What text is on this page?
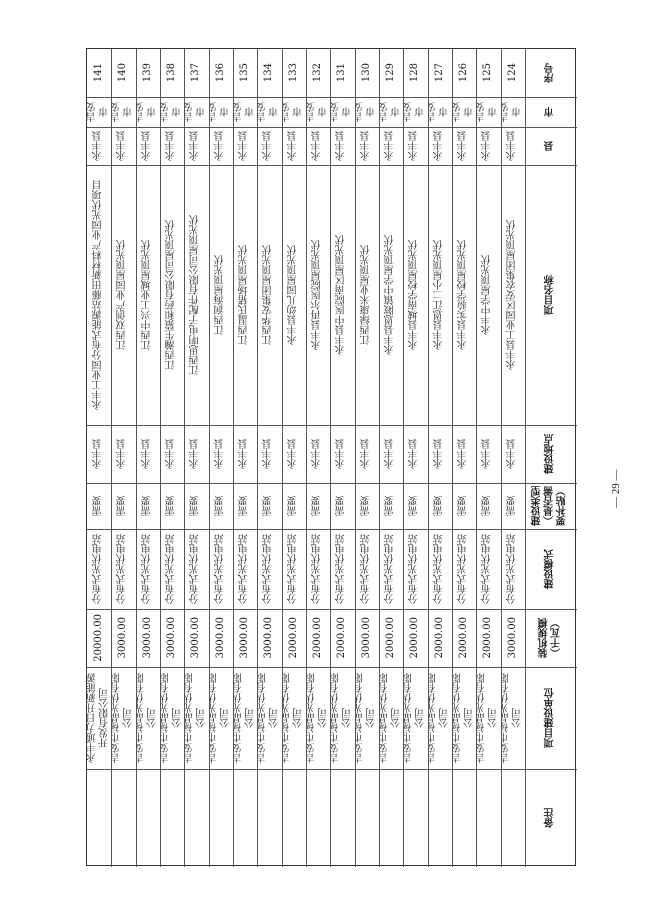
序号
市
县
项目名称
建设地点
建设类型（是否需要补贴）
建设模式
装机规模（千瓦）
项目建设单位
备注
124
吉安市
永丰县
永丰县工业园区安农集团屋顶光伏
永丰县
需要
分布式光伏电站
3000.00
吉安市禄晶光伏有限公司
125
吉安市
永丰县
永丰中学屋顶光伏
永丰县
需要
分布式光伏电站
2000.00
吉安市禄晶光伏有限公司
126
吉安市
永丰县
永丰县实验学校屋顶光伏
永丰县
需要
分布式光伏电站
2000.00
吉安市禄晶光伏有限公司
127
吉安市
永丰县
永丰县恩江二小屋顶光伏
永丰县
需要
分布式光伏电站
2000.00
吉安市禄晶光伏有限公司
128
吉安市
永丰县
永丰县城南学校屋顶光伏
永丰县
需要
分布式光伏电站
2000.00
吉安市禄晶光伏有限公司
129
吉安市
永丰县
永丰县恩陂镇中学屋顶光伏
永丰县
需要
分布式光伏电站
2000.00
吉安市禄晶光伏有限公司
130
吉安市
永丰县
江西绿康米业屋顶光伏
永丰县
需要
分布式光伏电站
3000.00
吉安市禄晶光伏有限公司
131
吉安市
永丰县
永丰县中医院南区屋顶光伏
永丰县
需要
分布式光伏电站
2000.00
吉安市禄晶光伏有限公司
132
吉安市
永丰县
永丰县再尔医院屋顶光伏
永丰县
需要
分布式光伏电站
2000.00
吉安市禄晶光伏有限公司
133
吉安市
永丰县
永丰县幼儿园屋顶光伏
永丰县
需要
分布式光伏电站
2000.00
吉安市禄晶光伏有限公司
134
吉安市
永丰县
江西华安集团屋顶光伏
永丰县
需要
分布式光伏电站
3000.00
吉安市禄晶光伏有限公司
135
吉安市
永丰县
江西温氏猪场屋顶光伏
永丰县
需要
分布式光伏电站
3000.00
吉安市禄晶光伏有限公司
136
吉安市
永丰县
江西润海屋顶光伏
永丰县
需要
分布式光伏电站
3000.00
吉安市禄晶光伏有限公司
137
吉安市
永丰县
江西思明电子配件有限公司屋顶光伏
永丰县
需要
分布式光伏电站
3000.00
吉安市禄晶光伏有限公司
138
吉安市
永丰县
江西瀚生猿和药有限公司屋顶光伏
永丰县
需要
分布式光伏电站
3000.00
吉安市禄晶光伏有限公司
139
吉安市
永丰县
江西中兴工业城屋顶光伏
永丰县
需要
分布式光伏电站
3000.00
吉安市禄晶光伏有限公司
140
吉安市
永丰县
江西双创产业园屋顶光伏
永丰县
需要
分布式光伏电站
3000.00
吉安市禄晶光伏有限公司
141
吉安市
永丰县
永丰工业园分布式能源站藤田新材料产业园光伏项目
永丰县
需要
分布式光伏电站
20000.00
永丰通力日升新能源开发有限公司
— 29 —
